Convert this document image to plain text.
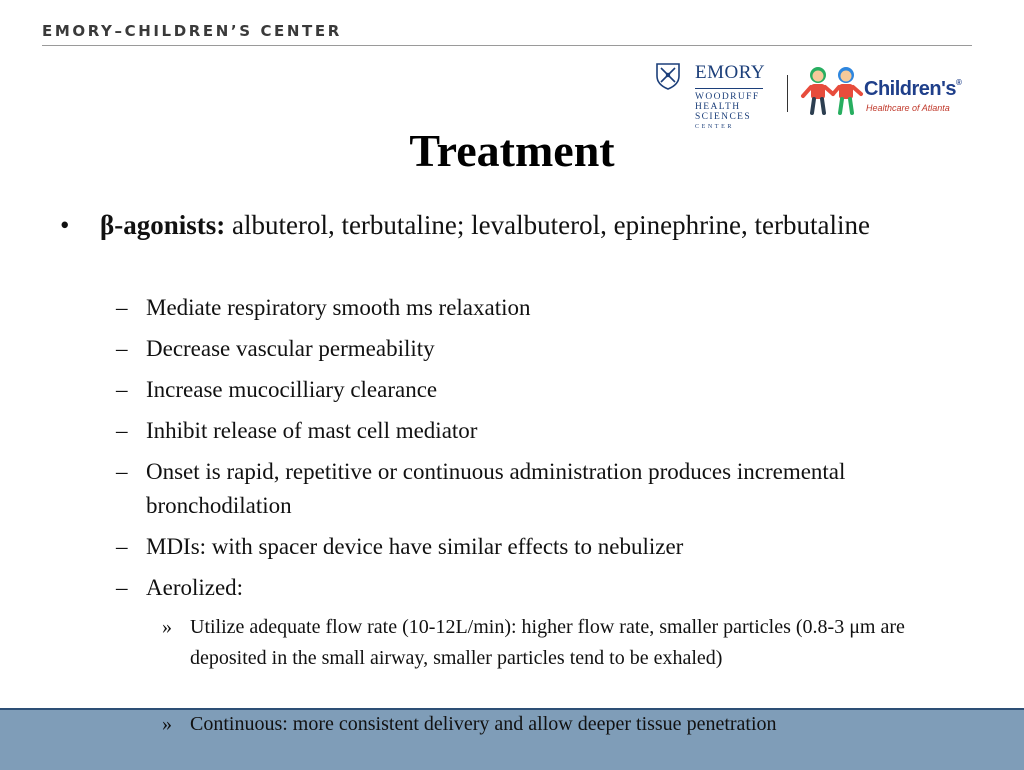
EMORY–CHILDREN’S CENTER
EMORY
WOODRUFF
HEALTH
SCIENCES
CENTER
Children's®
Healthcare of Atlanta
Treatment
• β-agonists: albuterol, terbutaline; levalbuterol, epinephrine, terbutaline
– Mediate respiratory smooth ms relaxation
– Decrease vascular permeability
– Increase mucocilliary clearance
– Inhibit release of mast cell mediator
– Onset is rapid, repetitive or continuous administration produces incremental bronchodilation
– MDIs: with spacer device have similar effects to nebulizer
– Aerolized:
» Utilize adequate flow rate (10-12L/min): higher flow rate, smaller particles (0.8-3 μm are deposited in the small airway, smaller particles tend to be exhaled)
» Continuous: more consistent delivery and allow deeper tissue penetration
